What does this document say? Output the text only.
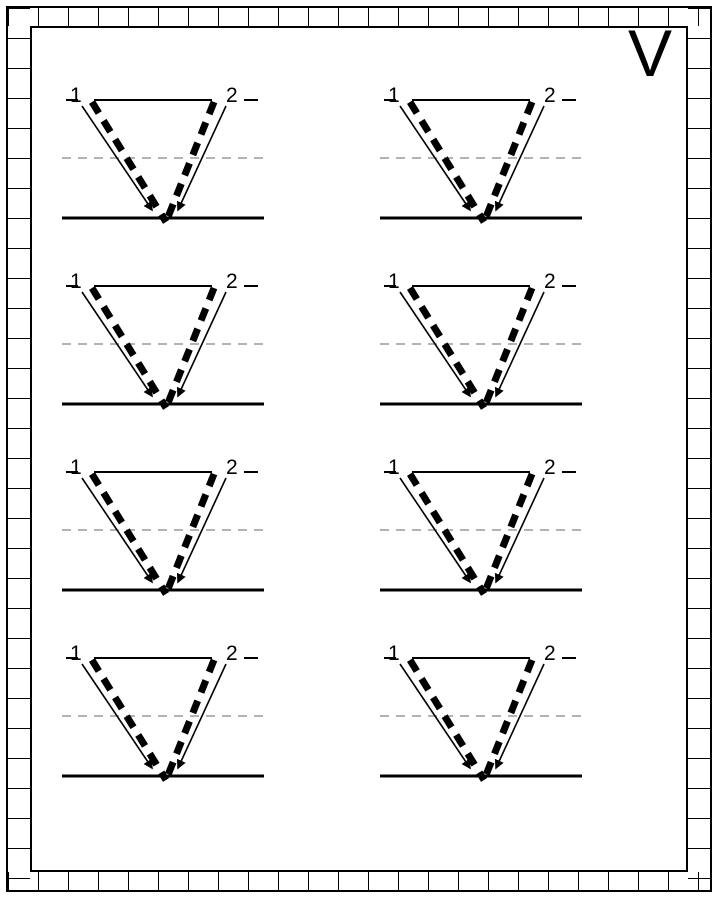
V
1	2	1	2
1	2	1	2
1	2	1	2
1	2	1	2
